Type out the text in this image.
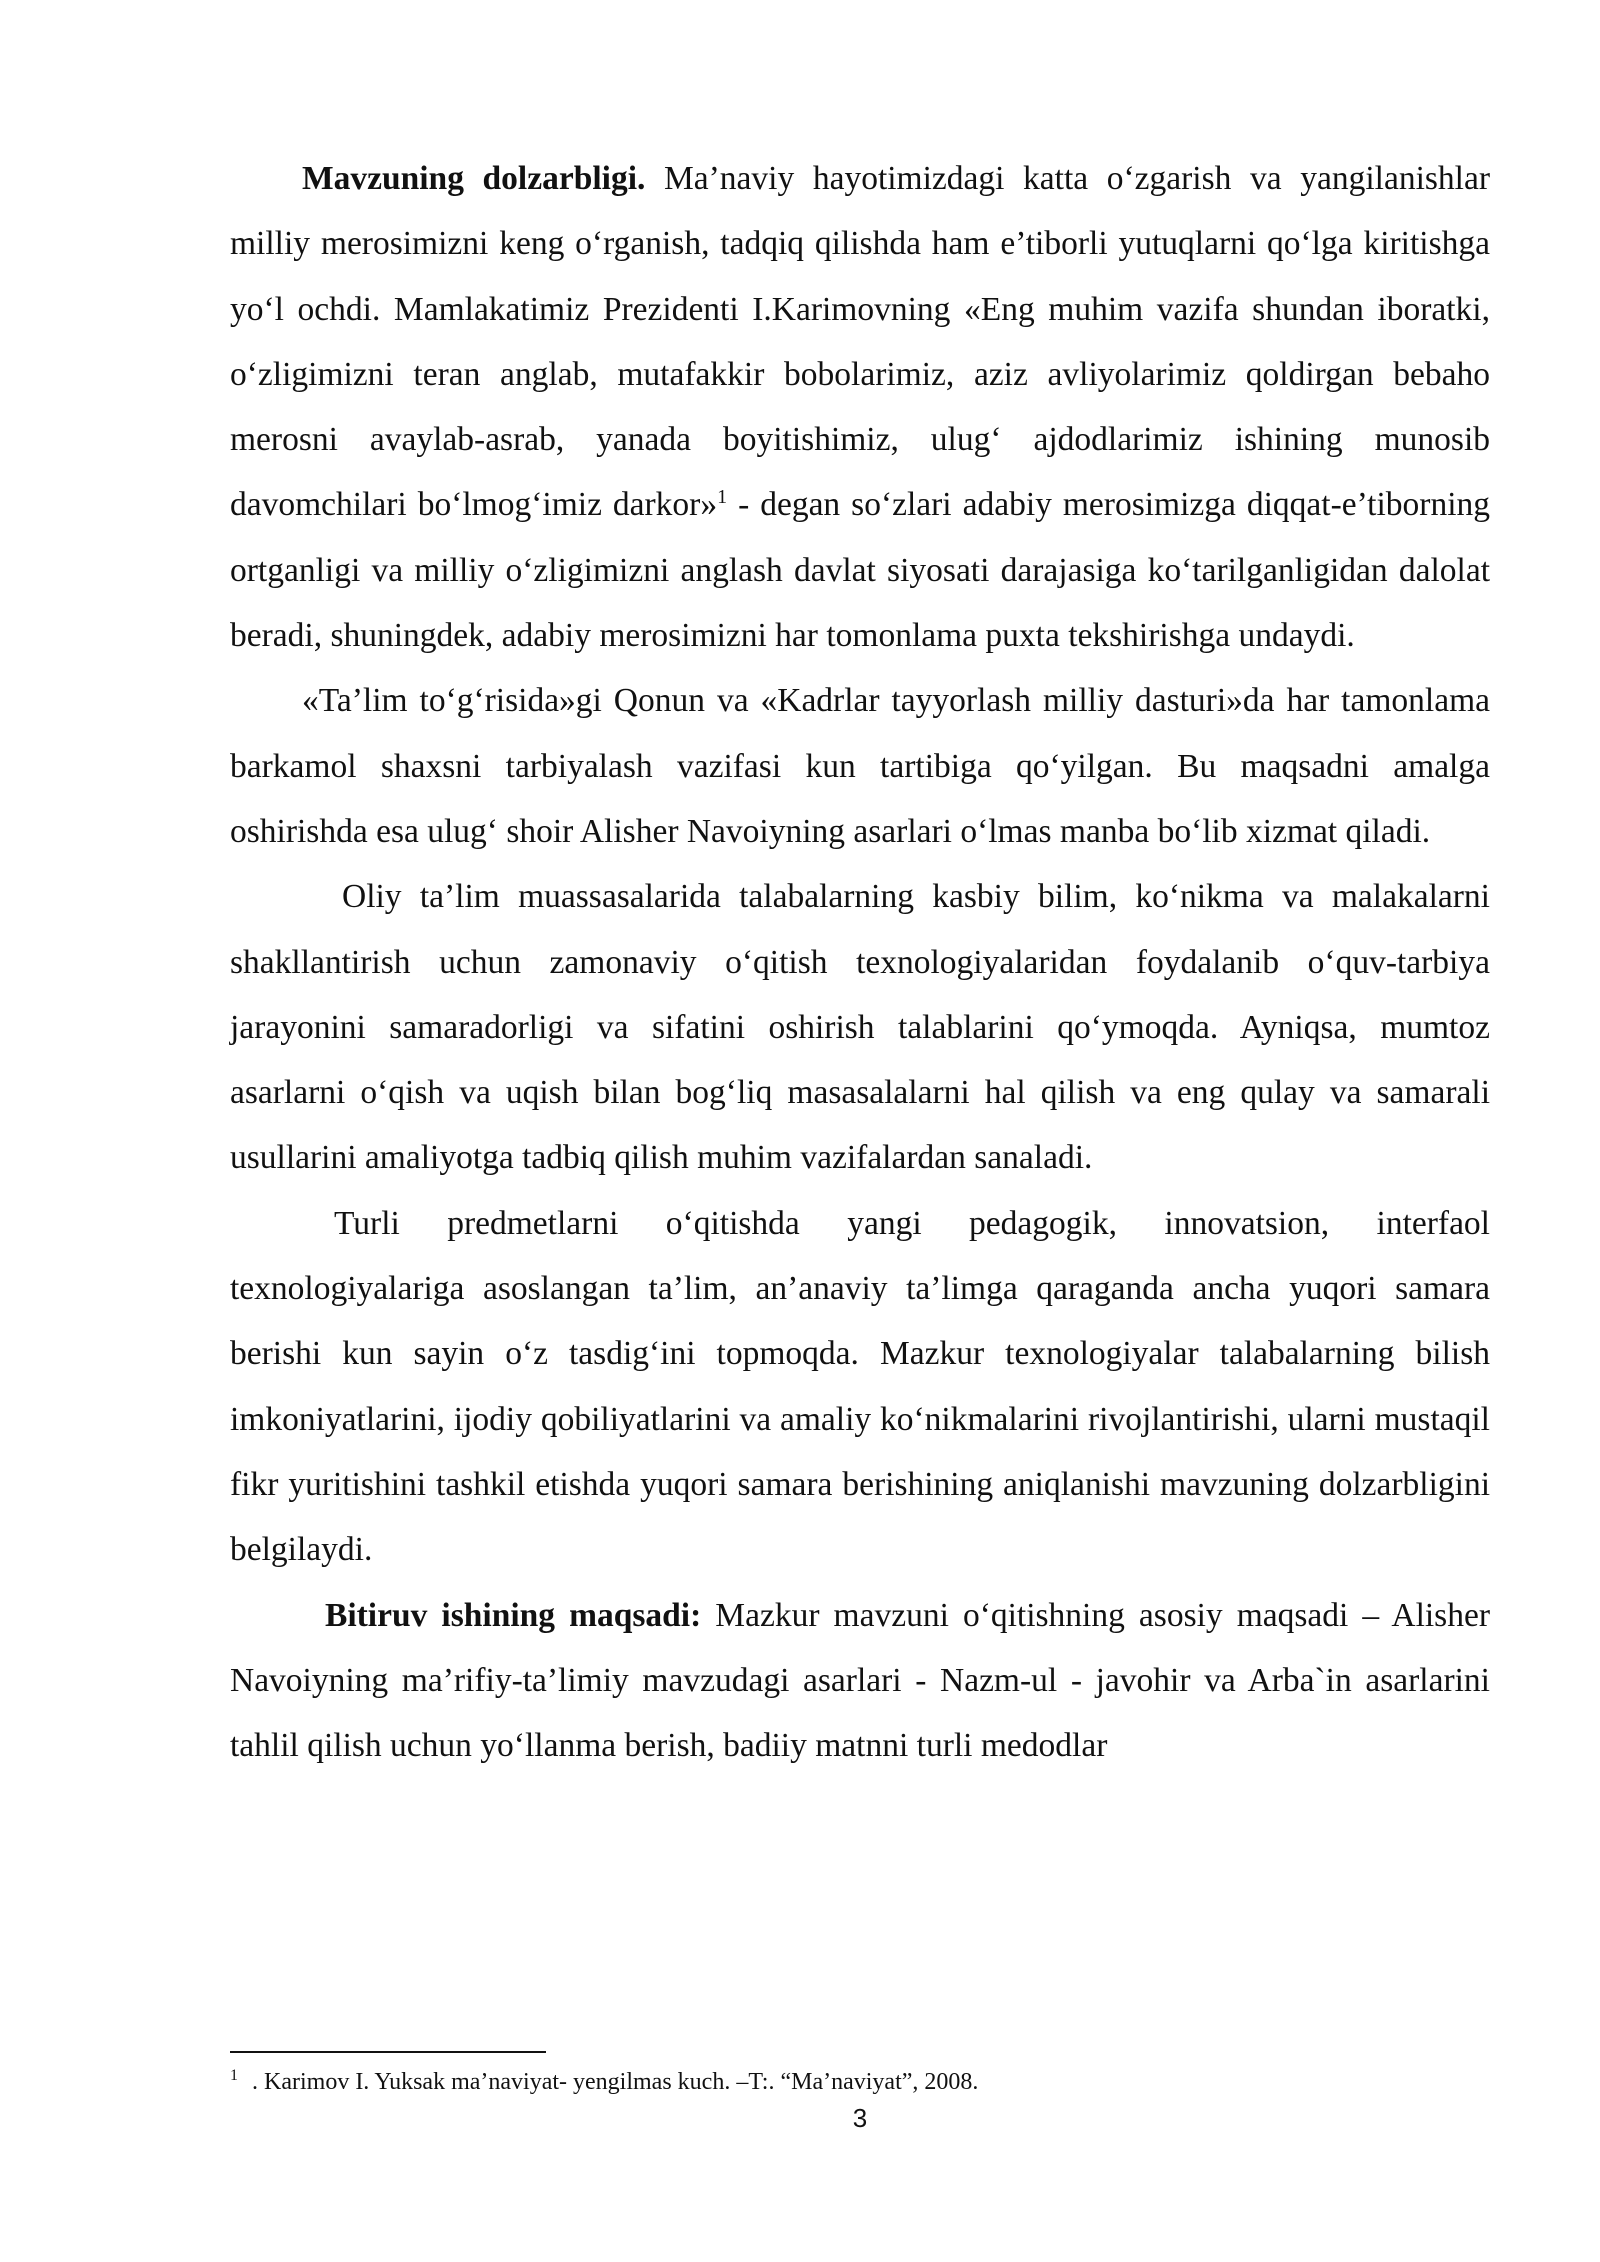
Mavzuning dolzarbligi. Ma’naviy hayotimizdagi katta o‘zgarish va yangilanishlar milliy merosimizni keng o‘rganish, tadqiq qilishda ham e’tiborli yutuqlarni qo‘lga kiritishga yo‘l ochdi. Mamlakatimiz Prezidenti I.Karimovning «Eng muhim vazifa shundan iboratki, o‘zligimizni teran anglab, mutafakkir bobolarimiz, aziz avliyolarimiz qoldirgan bebaho merosni avaylab-asrab, yanada boyitishimiz, ulug‘ ajdodlarimiz ishining munosib davomchilari bo‘lmog‘imiz darkor»$^1$ - degan so‘zlari adabiy merosimizga diqqat-e’tiborning ortganligi va milliy o‘zligimizni anglash davlat siyosati darajasiga ko‘tarilganligidan dalolat beradi, shuningdek, adabiy merosimizni har tomonlama puxta tekshirishga undaydi.

«Ta’lim to‘g‘risida»gi Qonun va «Kadrlar tayyorlash milliy dasturi»da har tamonlama barkamol shaxsni tarbiyalash vazifasi kun tartibiga qo‘yilgan. Bu maqsadni amalga oshirishda esa ulug‘ shoir Alisher Navoiyning asarlari o‘lmas manba bo‘lib xizmat qiladi.

Oliy ta’lim muassasalarida talabalarning kasbiy bilim, ko‘nikma va malakalarni shakllantirish uchun zamonaviy o‘qitish texnologiyalaridan foydalanib o‘quv-tarbiya jarayonini samaradorligi va sifatini oshirish talablarini qo‘ymoqda. Ayniqsa, mumtoz asarlarni o‘qish va uqish bilan bog‘liq masasalalarni hal qilish va eng qulay va samarali usullarini amaliyotga tadbiq qilish muhim vazifalardan sanaladi.

Turli predmetlarni o‘qitishda yangi pedagogik, innovatsion, interfaol texnologiyalariga asoslangan ta’lim, an’anaviy ta’limga qaraganda ancha yuqori samara berishi kun sayin o‘z tasdig‘ini topmoqda. Mazkur texnologiyalar talabalarning bilish imkoniyatlarini, ijodiy qobiliyatlarini va amaliy ko‘nikmalarini rivojlantirishi, ularni mustaqil fikr yuritishini tashkil etishda yuqori samara berishining aniqlanishi mavzuning dolzarbligini belgilaydi.

Bitiruv ishining maqsadi: Mazkur mavzuni o‘qitishning asosiy maqsadi – Alisher Navoiyning ma’rifiy-ta’limiy mavzudagi asarlari - Nazm-ul - javohir va Arba`in asarlarini tahlil qilish uchun yo‘llanma berish, badiiy matnni turli medodlar

$^1$ . Karimov I. Yuksak ma’naviyat- yengilmas kuch. –T:. “Ma’naviyat”, 2008.

3
